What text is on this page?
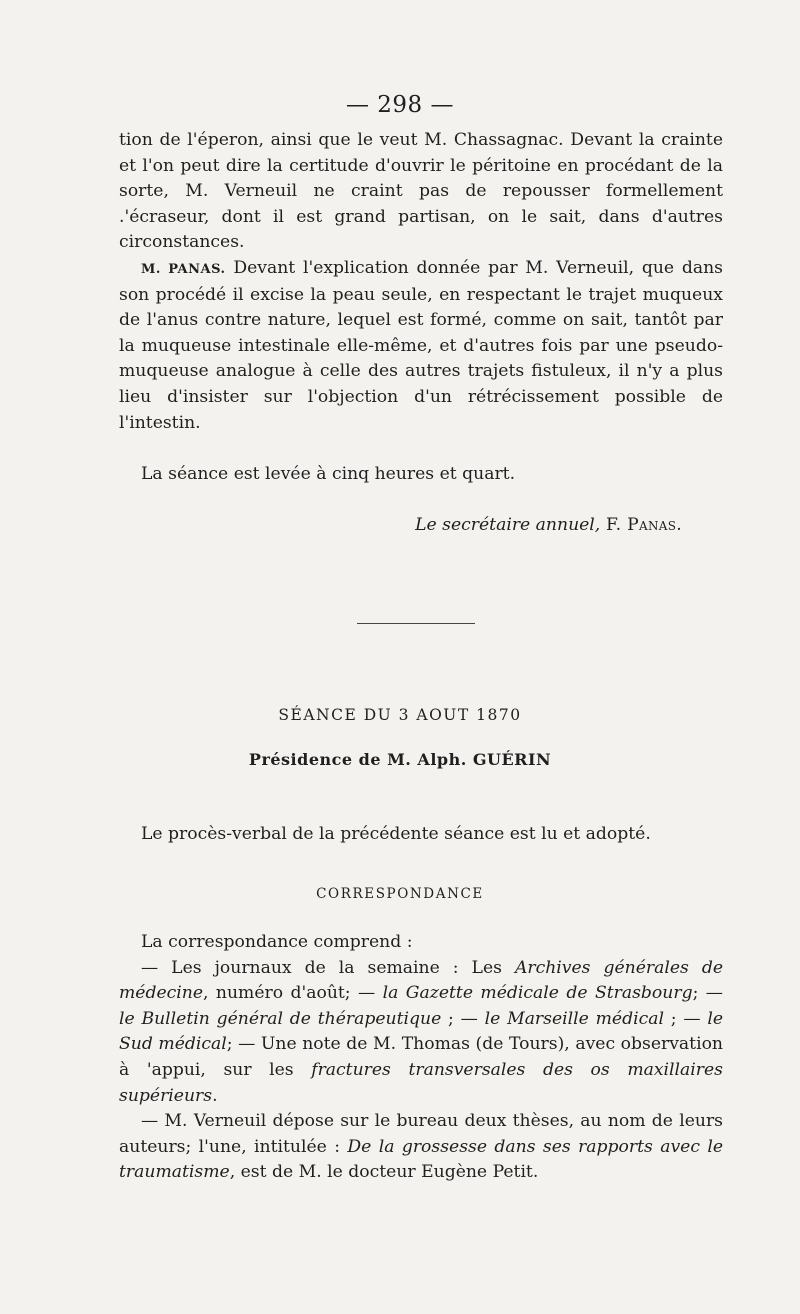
— 298 —

tion de l'éperon, ainsi que le veut M. Chassagnac. Devant la crainte et l'on peut dire la certitude d'ouvrir le péritoine en procédant de la sorte, M. Verneuil ne craint pas de repousser formellement .'écraseur, dont il est grand partisan, on le sait, dans d'autres circonstances.

M. PANAS. Devant l'explication donnée par M. Verneuil, que dans son procédé il excise la peau seule, en respectant le trajet muqueux de l'anus contre nature, lequel est formé, comme on sait, tantôt par la muqueuse intestinale elle-même, et d'autres fois par une pseudo-muqueuse analogue à celle des autres trajets fistuleux, il n'y a plus lieu d'insister sur l'objection d'un rétrécissement possible de l'intestin.

La séance est levée à cinq heures et quart.

Le secrétaire annuel, F. Panas.
SÉANCE DU 3 AOUT 1870
Présidence de M. Alph. GUÉRIN
Le procès-verbal de la précédente séance est lu et adopté.
CORRESPONDANCE

La correspondance comprend :

— Les journaux de la semaine : Les Archives générales de médecine, numéro d'août; — la Gazette médicale de Strasbourg; — le Bulletin général de thérapeutique ; — le Marseille médical ; — le Sud médical; — Une note de M. Thomas (de Tours), avec observation à 'appui, sur les fractures transversales des os maxillaires supérieurs.

— M. Verneuil dépose sur le bureau deux thèses, au nom de leurs auteurs; l'une, intitulée : De la grossesse dans ses rapports avec le traumatisme, est de M. le docteur Eugène Petit.
